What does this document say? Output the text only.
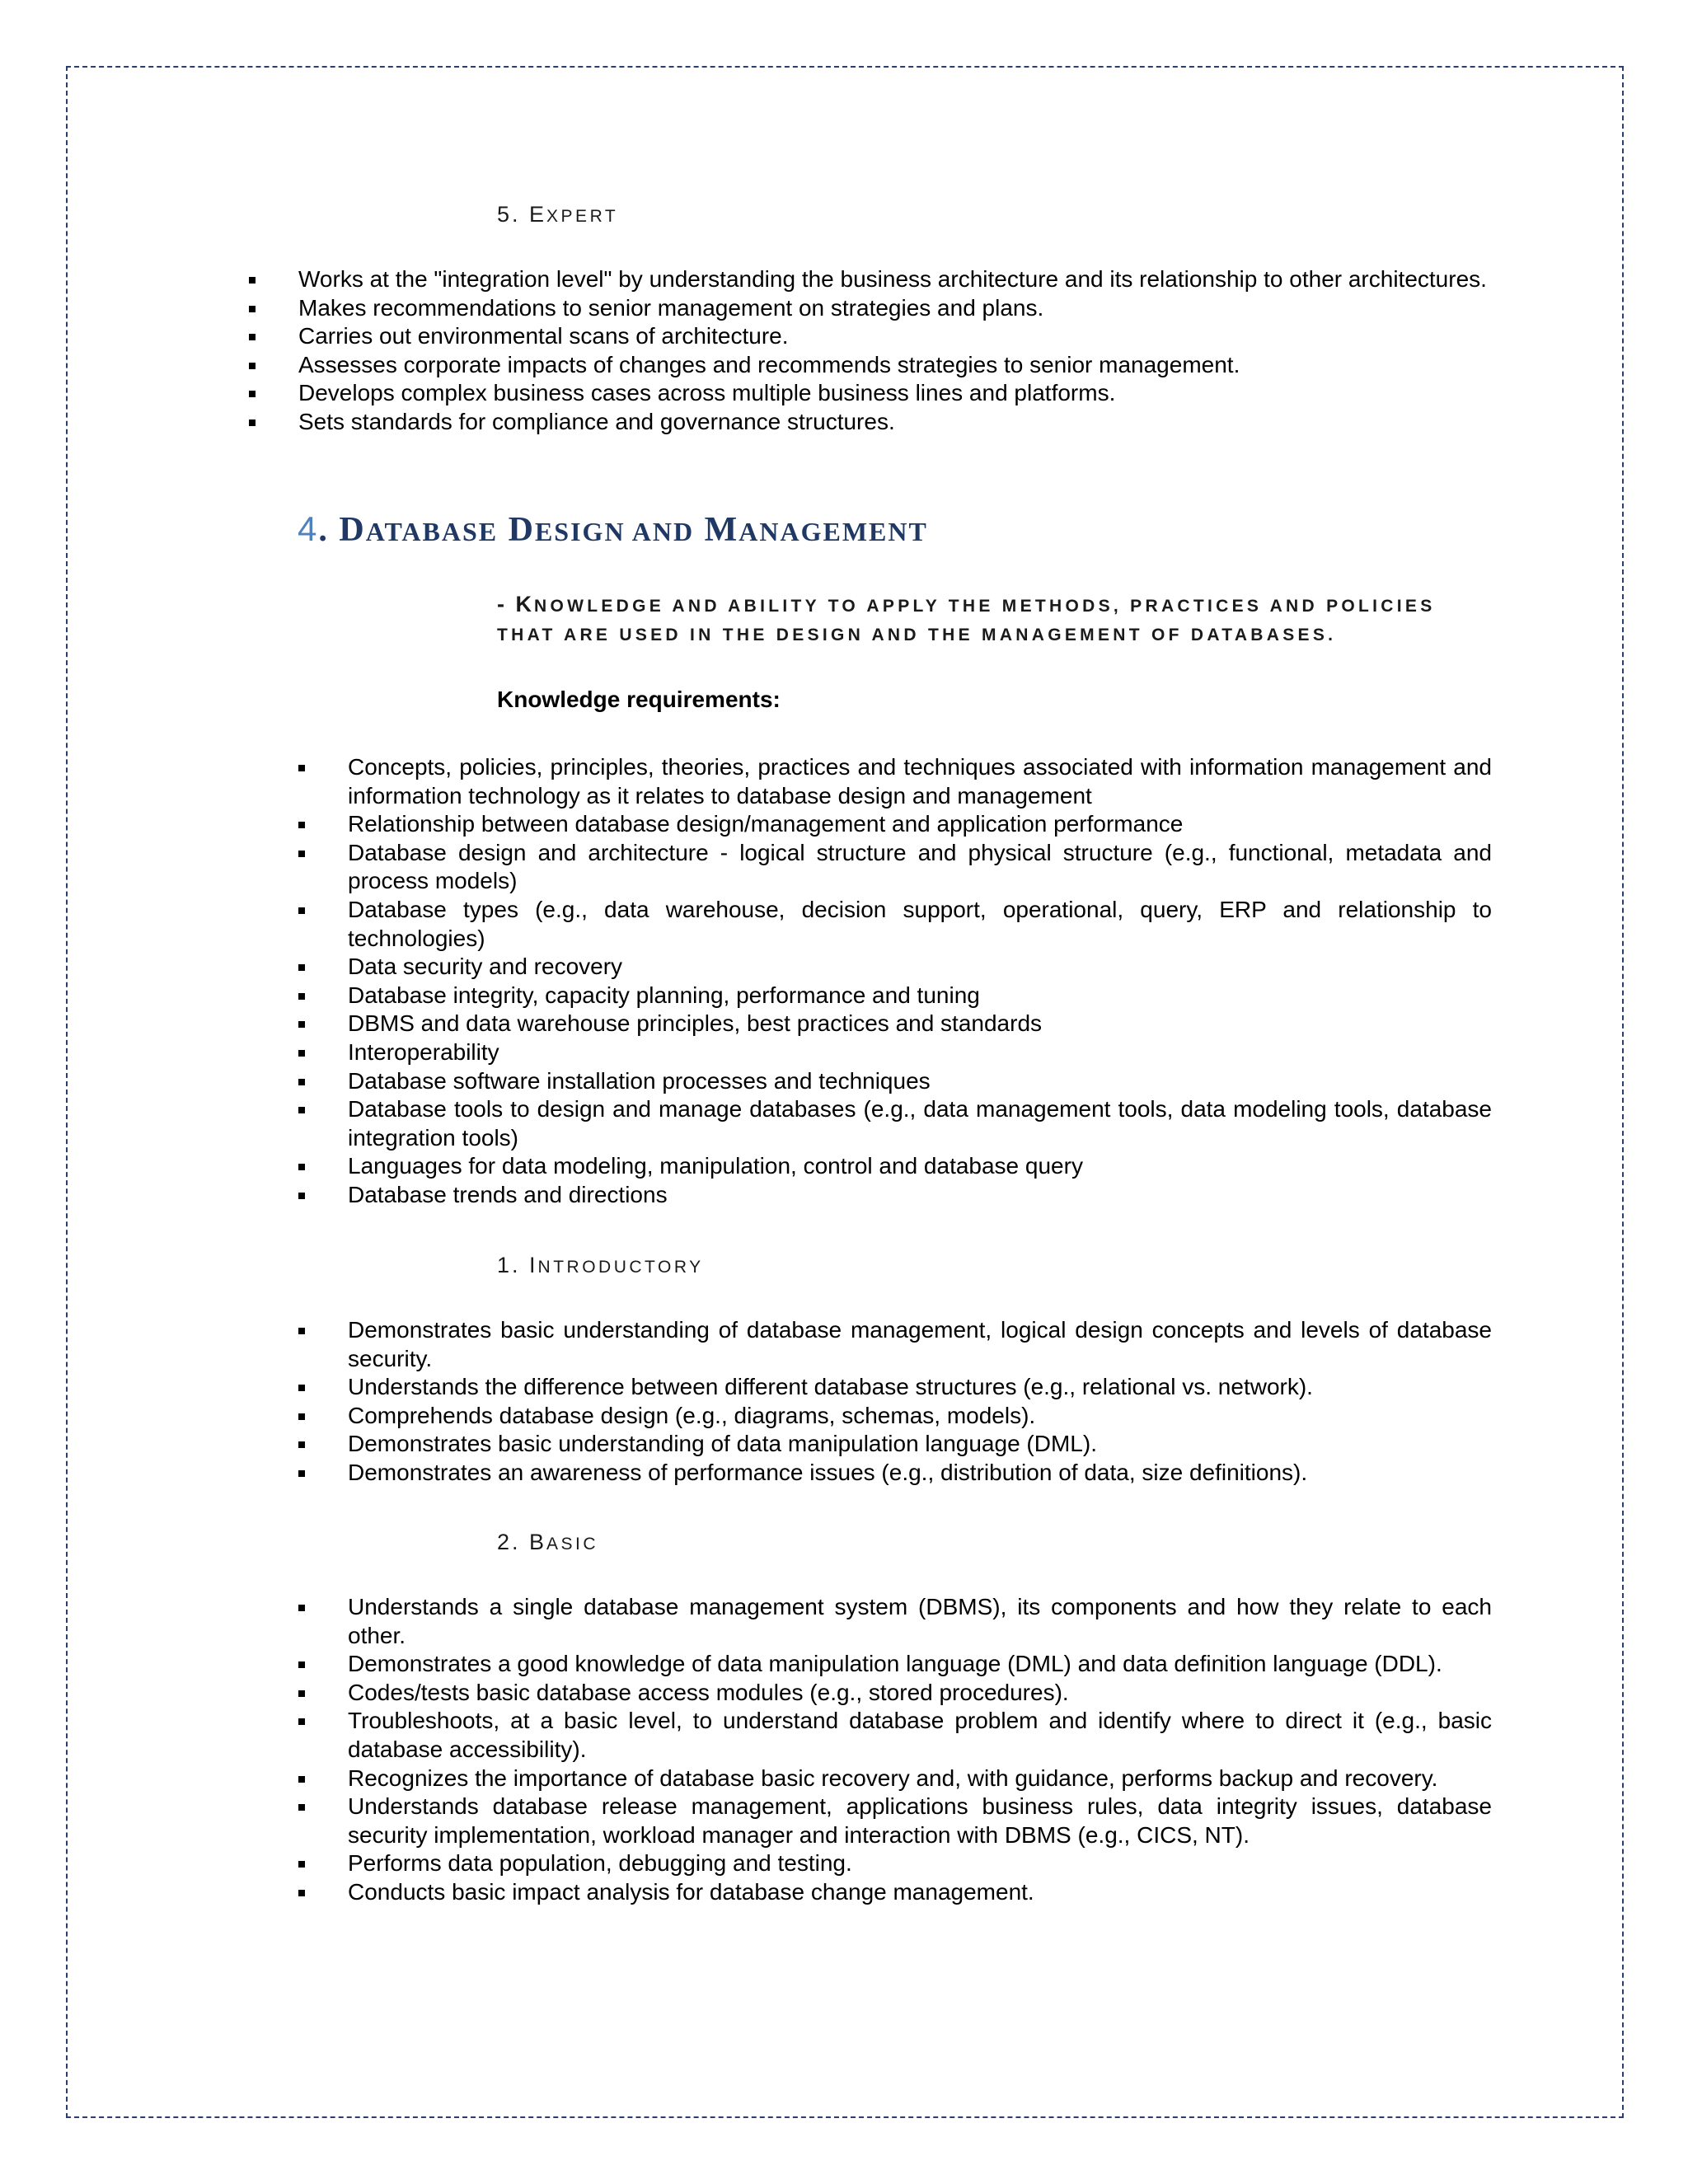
5. EXPERT
Works at the "integration level" by understanding the business architecture and its relationship to other architectures.
Makes recommendations to senior management on strategies and plans.
Carries out environmental scans of architecture.
Assesses corporate impacts of changes and recommends strategies to senior management.
Develops complex business cases across multiple business lines and platforms.
Sets standards for compliance and governance structures.
4. DATABASE DESIGN AND MANAGEMENT
- KNOWLEDGE AND ABILITY TO APPLY THE METHODS, PRACTICES AND POLICIES THAT ARE USED IN THE DESIGN AND THE MANAGEMENT OF DATABASES.
Knowledge requirements:
Concepts, policies, principles, theories, practices and techniques associated with information management and information technology as it relates to database design and management
Relationship between database design/management and application performance
Database design and architecture - logical structure and physical structure (e.g., functional, metadata and process models)
Database types (e.g., data warehouse, decision support, operational, query, ERP and relationship to technologies)
Data security and recovery
Database integrity, capacity planning, performance and tuning
DBMS and data warehouse principles, best practices and standards
Interoperability
Database software installation processes and techniques
Database tools to design and manage databases (e.g., data management tools, data modeling tools, database integration tools)
Languages for data modeling, manipulation, control and database query
Database trends and directions
1. INTRODUCTORY
Demonstrates basic understanding of database management, logical design concepts and levels of database security.
Understands the difference between different database structures (e.g., relational vs. network).
Comprehends database design (e.g., diagrams, schemas, models).
Demonstrates basic understanding of data manipulation language (DML).
Demonstrates an awareness of performance issues (e.g., distribution of data, size definitions).
2. BASIC
Understands a single database management system (DBMS), its components and how they relate to each other.
Demonstrates a good knowledge of data manipulation language (DML) and data definition language (DDL).
Codes/tests basic database access modules (e.g., stored procedures).
Troubleshoots, at a basic level, to understand database problem and identify where to direct it (e.g., basic database accessibility).
Recognizes the importance of database basic recovery and, with guidance, performs backup and recovery.
Understands database release management, applications business rules, data integrity issues, database security implementation, workload manager and interaction with DBMS (e.g., CICS, NT).
Performs data population, debugging and testing.
Conducts basic impact analysis for database change management.
